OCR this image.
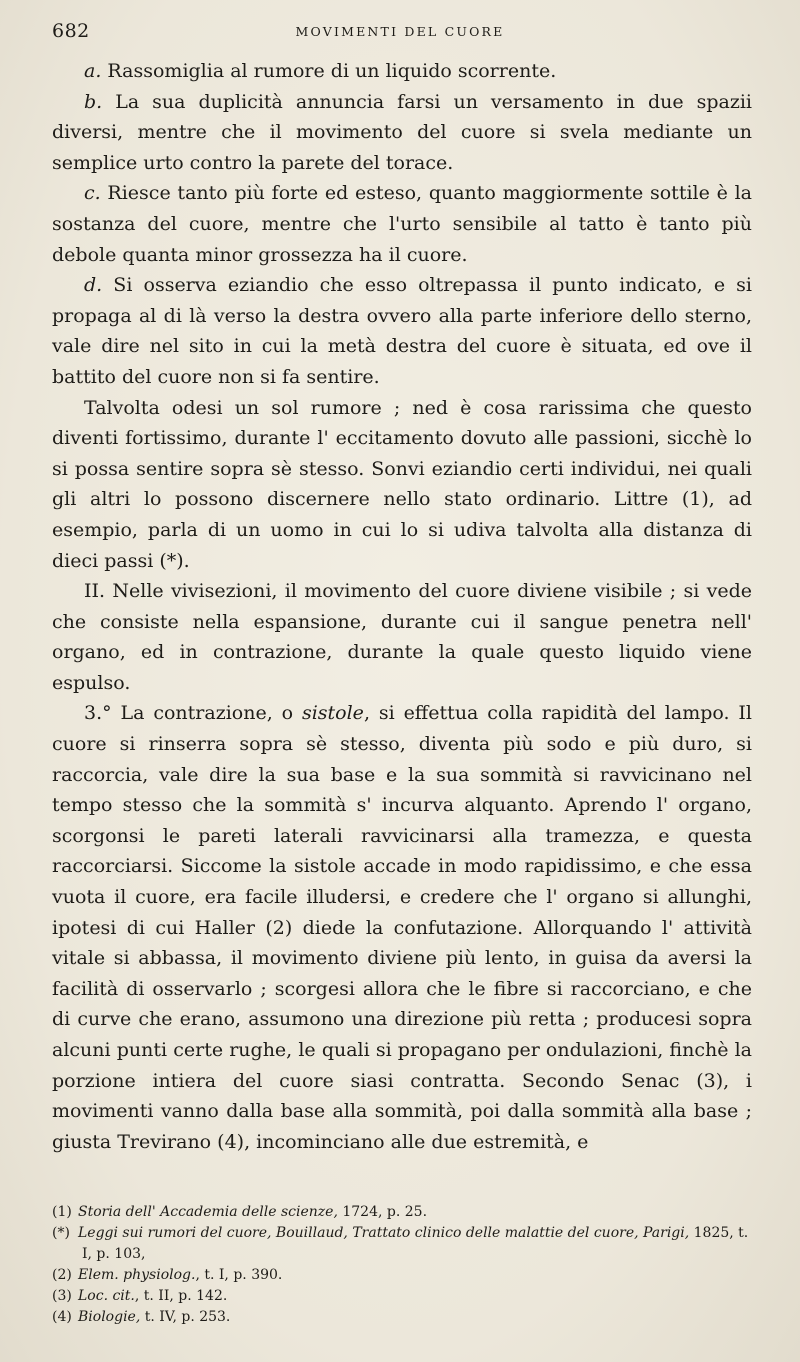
682	MOVIMENTI DEL CUORE

a. Rassomiglia al rumore di un liquido scorrente.

b. La sua duplicità annuncia farsi un versamento in due spazii diversi, mentre che il movimento del cuore si svela mediante un semplice urto contro la parete del torace.

c. Riesce tanto più forte ed esteso, quanto maggiormente sottile è la sostanza del cuore, mentre che l'urto sensibile al tatto è tanto più debole quanta minor grossezza ha il cuore.

d. Si osserva eziandio che esso oltrepassa il punto indicato, e si propaga al di là verso la destra ovvero alla parte inferiore dello sterno, vale dire nel sito in cui la metà destra del cuore è situata, ed ove il battito del cuore non si fa sentire.

Talvolta odesi un sol rumore ; ned è cosa rarissima che questo diventi fortissimo, durante l' eccitamento dovuto alle passioni, sicchè lo si possa sentire sopra sè stesso. Sonvi eziandio certi individui, nei quali gli altri lo possono discernere nello stato ordinario. Littre (1), ad esempio, parla di un uomo in cui lo si udiva talvolta alla distanza di dieci passi (*).

II. Nelle vivisezioni, il movimento del cuore diviene visibile ; si vede che consiste nella espansione, durante cui il sangue penetra nell' organo, ed in contrazione, durante la quale questo liquido viene espulso.

3.° La contrazione, o sistole, si effettua colla rapidità del lampo. Il cuore si rinserra sopra sè stesso, diventa più sodo e più duro, si raccorcia, vale dire la sua base e la sua sommità si ravvicinano nel tempo stesso che la sommità s' incurva alquanto. Aprendo l' organo, scorgonsi le pareti laterali ravvicinarsi alla tramezza, e questa raccorciarsi. Siccome la sistole accade in modo rapidissimo, e che essa vuota il cuore, era facile illudersi, e credere che l' organo si allunghi, ipotesi di cui Haller (2) diede la confutazione. Allorquando l' attività vitale si abbassa, il movimento diviene più lento, in guisa da aversi la facilità di osservarlo ; scorgesi allora che le fibre si raccorciano, e che di curve che erano, assumono una direzione più retta ; producesi sopra alcuni punti certe rughe, le quali si propagano per ondulazioni, finchè la porzione intiera del cuore siasi contratta. Secondo Senac (3), i movimenti vanno dalla base alla sommità, poi dalla sommità alla base ; giusta Treviranо (4), incominciano alle due estremità, e

(1) Storia dell' Accademia delle scienze, 1724, p. 25.
(*) Leggi sui rumori del cuore, Bouillaud, Trattato clinico delle malattie del cuore, Parigi, 1825, t. I, p. 103,
(2) Elem. physiolog., t. I, p. 390.
(3) Loc. cit., t. II, p. 142.
(4) Biologie, t. IV, p. 253.
